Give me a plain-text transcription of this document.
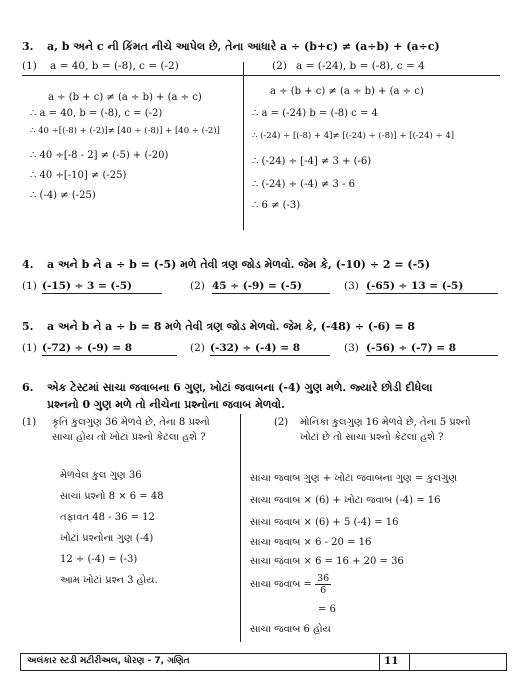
3. a, b અને c ની કિંમત નીચે આપેલ છે, તેના આધારે a ÷ (b+c) ≠ (a÷b) + (a÷c)
(1) a = 40, b = (-8), c = (-2)	(2) a = (-24), b = (-8), c = 4
a ÷ (b + c) ≠ (a ÷ b) + (a ÷ c)
∴ a = 40, b = (-8), c = (-2)
∴ 40 ÷[(-8) + (-2)]≠ [40 ÷ (-8)] + [40 ÷ (-2)]
∴ 40 ÷[-8 - 2] ≠ (-5) + (-20)
∴ 40 ÷[-10] ≠ (-25)
∴ (-4) ≠ (-25)
a ÷ (b + c) ≠ (a ÷ b) + (a ÷ c)
∴ a = (-24) b = (-8) c = 4
∴ (-24) ÷ [(-8) + 4]≠ [(-24) ÷ (-8)] + [(-24) ÷ 4]
∴ (-24) ÷ [-4] ≠ 3 + (-6)
∴ (-24) ÷ (-4) ≠ 3 - 6
∴ 6 ≠ (-3)
4. a અને b ને a ÷ b = (-5) મળે તેવી ત્રણ જોડ મેળવો. જેમ કે, (-10) ÷ 2 = (-5)
(1) (-15) ÷ 3 = (-5)	(2) 45 ÷ (-9) = (-5)	(3) (-65) ÷ 13 = (-5)
5. a અને b ને a ÷ b = 8 મળે તેવી ત્રણ જોડ મેળવો. જેમ કે, (-48) ÷ (-6) = 8
(1) (-72) ÷ (-9) = 8	(2) (-32) ÷ (-4) = 8	(3) (-56) ÷ (-7) = 8
6. એક ટેસ્ટમાં સાચા જવાબના 6 ગુણ, ખોટાં જવાબના (-4) ગુણ મળે. જ્યારે છોડી દીધેલા
પ્રશ્નનો 0 ગુણ મળે તો નીચેના પ્રશ્નોના જવાબ મેળવો.
(1) કૃતિ કુલગુણ 36 મેળવે છે, તેના 8 પ્રશ્નો
સાચા હોય તો ખોટાં પ્રશ્નો કેટલા હશે ?
મેળવેલ કુલ ગુણ 36
સાચાં પ્રશ્નો 8 × 6 = 48
તફાવત 48 - 36 = 12
ખોટાં પ્રશ્નોના ગુણ (-4)
12 ÷ (-4) = (-3)
આમ ખોટાં પ્રશ્ન 3 હોય.
(2) મોનિકા કુલગુણ 16 મેળવે છે, તેના 5 પ્રશ્નો
ખોટાં છે તો સાચા પ્રશ્નો કેટલા હશે ?
સાચા જવાબ ગુણ + ખોટા જવાબના ગુણ = કુલગુણ
સાચા જવાબ × (6) + ખોટા જવાબ (-4) = 16
સાચા જવાબ × (6) + 5 (-4) = 16
સાચા જવાબ × 6 - 20 = 16
સાચા જવાબ × 6 = 16 + 20 = 36
સાચા જવાબ = $\frac{36}{6}$
= 6
સાચા જવાબ 6 હોય
અલંકાર સ્ટડી મટીરીઅલ, ધોરણ - 7, ગણિત	11
